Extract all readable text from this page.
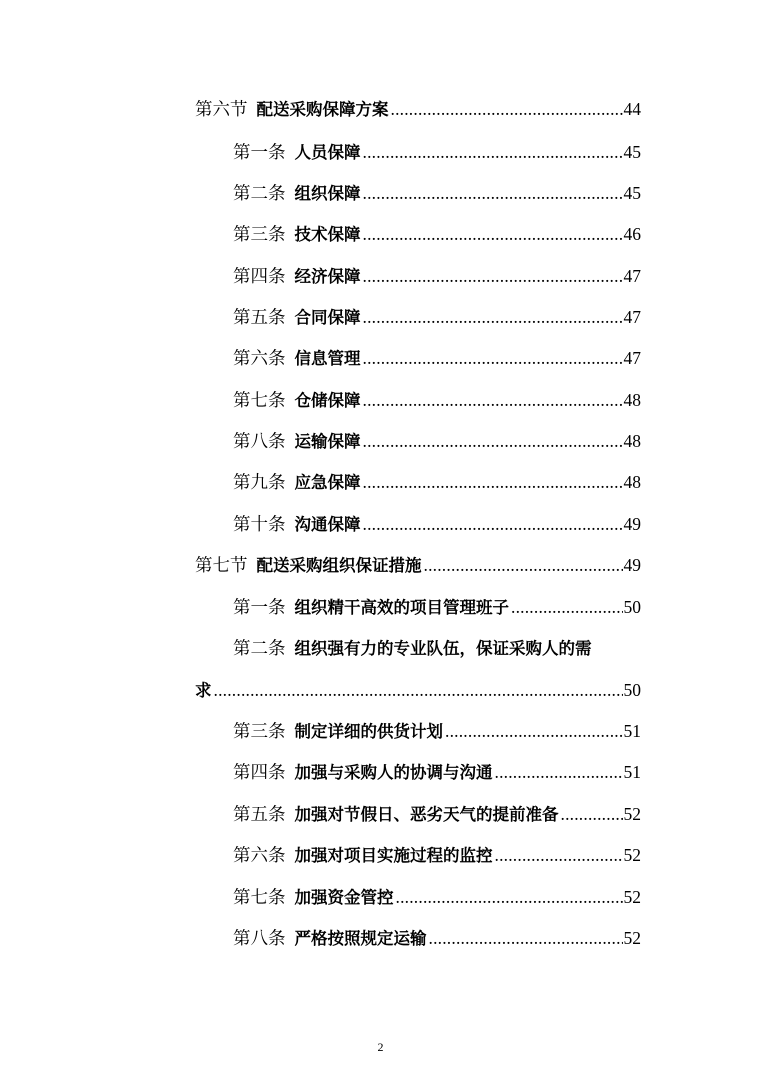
第六节 配送采购保障方案 .....	44
第一条 人员保障 .....	45
第二条 组织保障 .....	45
第三条 技术保障 .....	46
第四条 经济保障 .....	47
第五条 合同保障 .....	47
第六条 信息管理 .....	47
第七条 仓储保障 .....	48
第八条 运输保障 .....	48
第九条 应急保障 .....	48
第十条 沟通保障 .....	49
第七节 配送采购组织保证措施 .....	49
第一条 组织精干高效的项目管理班子 .....	50
第二条 组织强有力的专业队伍，保证采购人的需
求 .....	50
第三条 制定详细的供货计划 .....	51
第四条 加强与采购人的协调与沟通 .....	51
第五条 加强对节假日、恶劣天气的提前准备 .....	52
第六条 加强对项目实施过程的监控 .....	52
第七条 加强资金管控 .....	52
第八条 严格按照规定运输 .....	52
2
